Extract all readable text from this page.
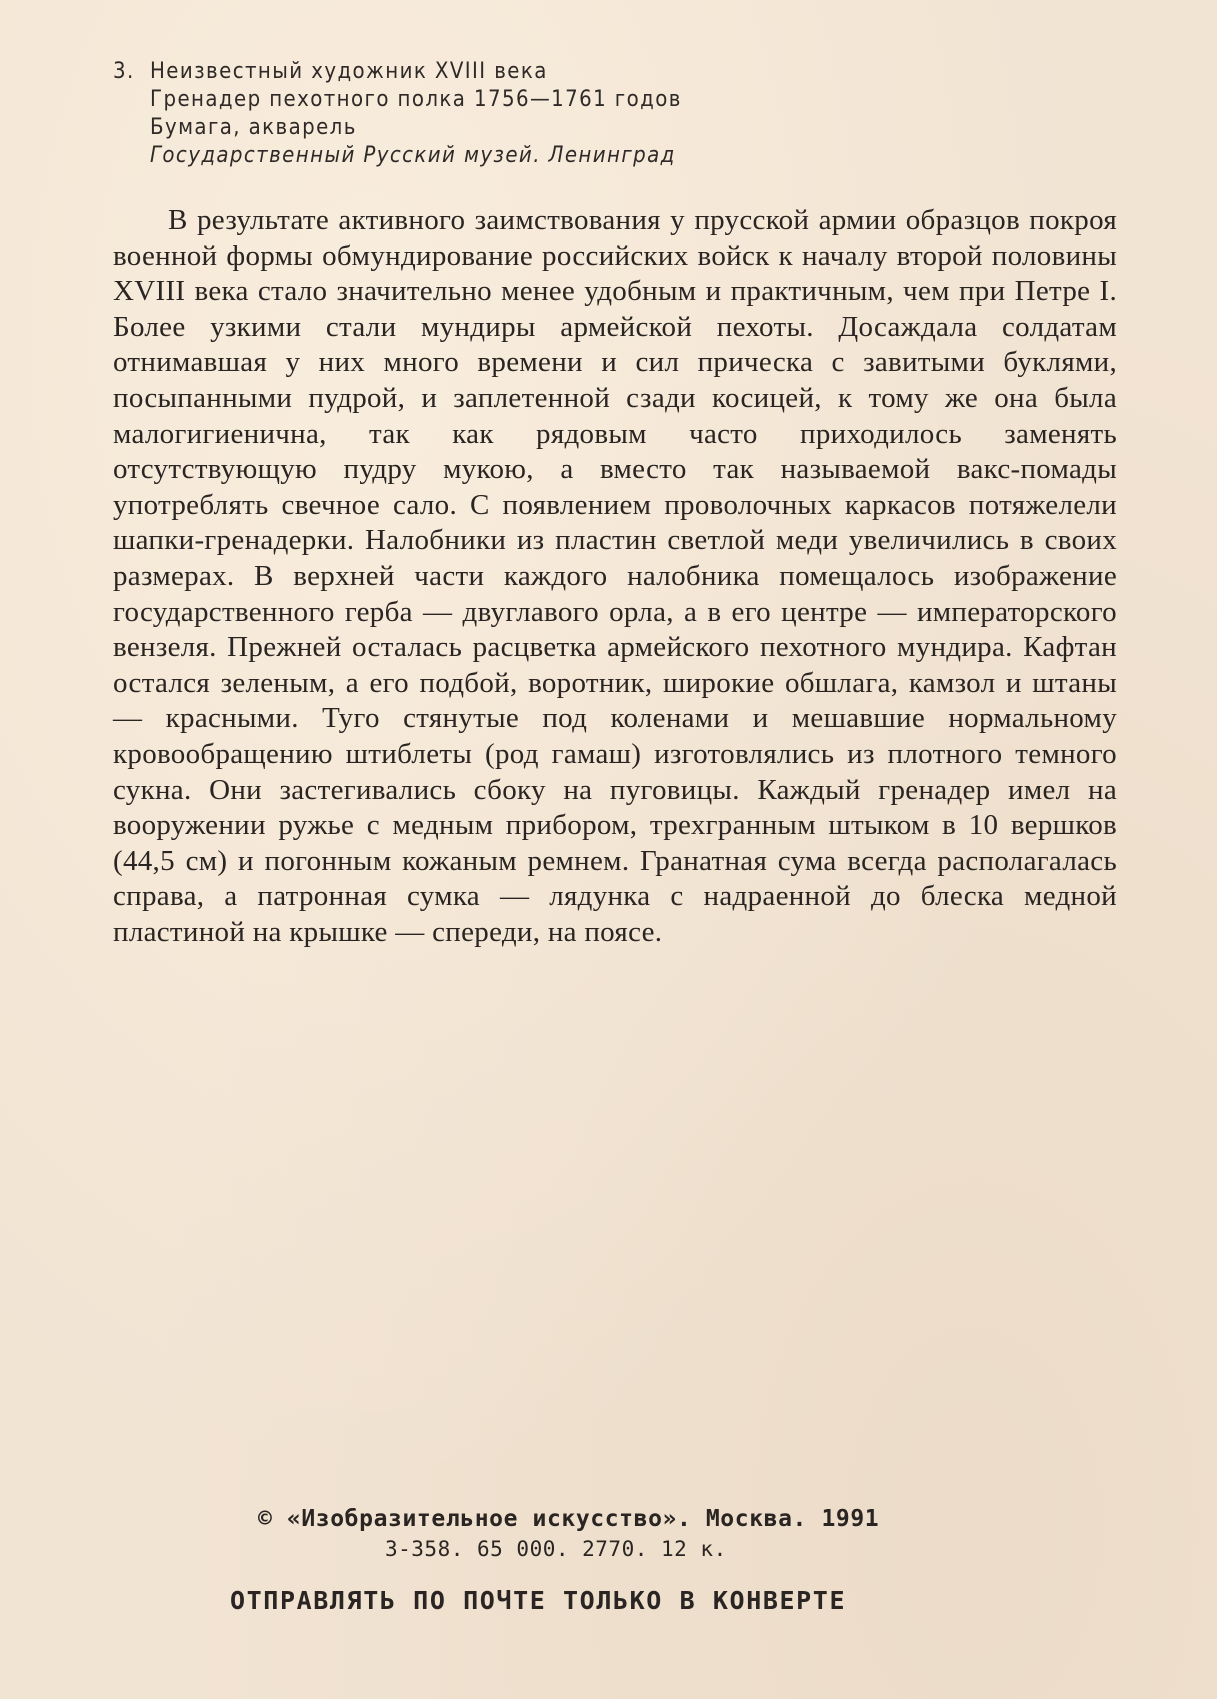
3. Неизвестный художник XVIII века
Гренадер пехотного полка 1756—1761 годов
Бумага, акварель
Государственный Русский музей. Ленинград

В результате активного заимствования у прусской армии образцов покроя военной формы обмундирование российских войск к началу второй половины XVIII века стало значительно менее удобным и практичным, чем при Петре I. Более узкими стали мундиры армейской пехоты. Досаждала солдатам отнимавшая у них много времени и сил прическа с завитыми буклями, посыпанными пудрой, и заплетенной сзади косицей, к тому же она была малогигиенична, так как рядовым часто приходилось заменять отсутствующую пудру мукою, а вместо так называемой вакс-помады употреблять свечное сало. С появлением проволочных каркасов потяжелели шапки-гренадерки. Налобники из пластин светлой меди увеличились в своих размерах. В верхней части каждого налобника помещалось изображение государственного герба — двуглавого орла, а в его центре — императорского вензеля. Прежней осталась расцветка армейского пехотного мундира. Кафтан остался зеленым, а его подбой, воротник, широкие обшлага, камзол и штаны — красными. Туго стянутые под коленами и мешавшие нормальному кровообращению штиблеты (род гамаш) изготовлялись из плотного темного сукна. Они застегивались сбоку на пуговицы. Каждый гренадер имел на вооружении ружье с медным прибором, трехгранным штыком в 10 вершков (44,5 см) и погонным кожаным ремнем. Гранатная сума всегда располагалась справа, а патронная сумка — лядунка с надраенной до блеска медной пластиной на крышке — спереди, на поясе.

© «Изобразительное искусство». Москва. 1991
3-358. 65 000. 2770. 12 к.
ОТПРАВЛЯТЬ ПО ПОЧТЕ ТОЛЬКО В КОНВЕРТЕ
